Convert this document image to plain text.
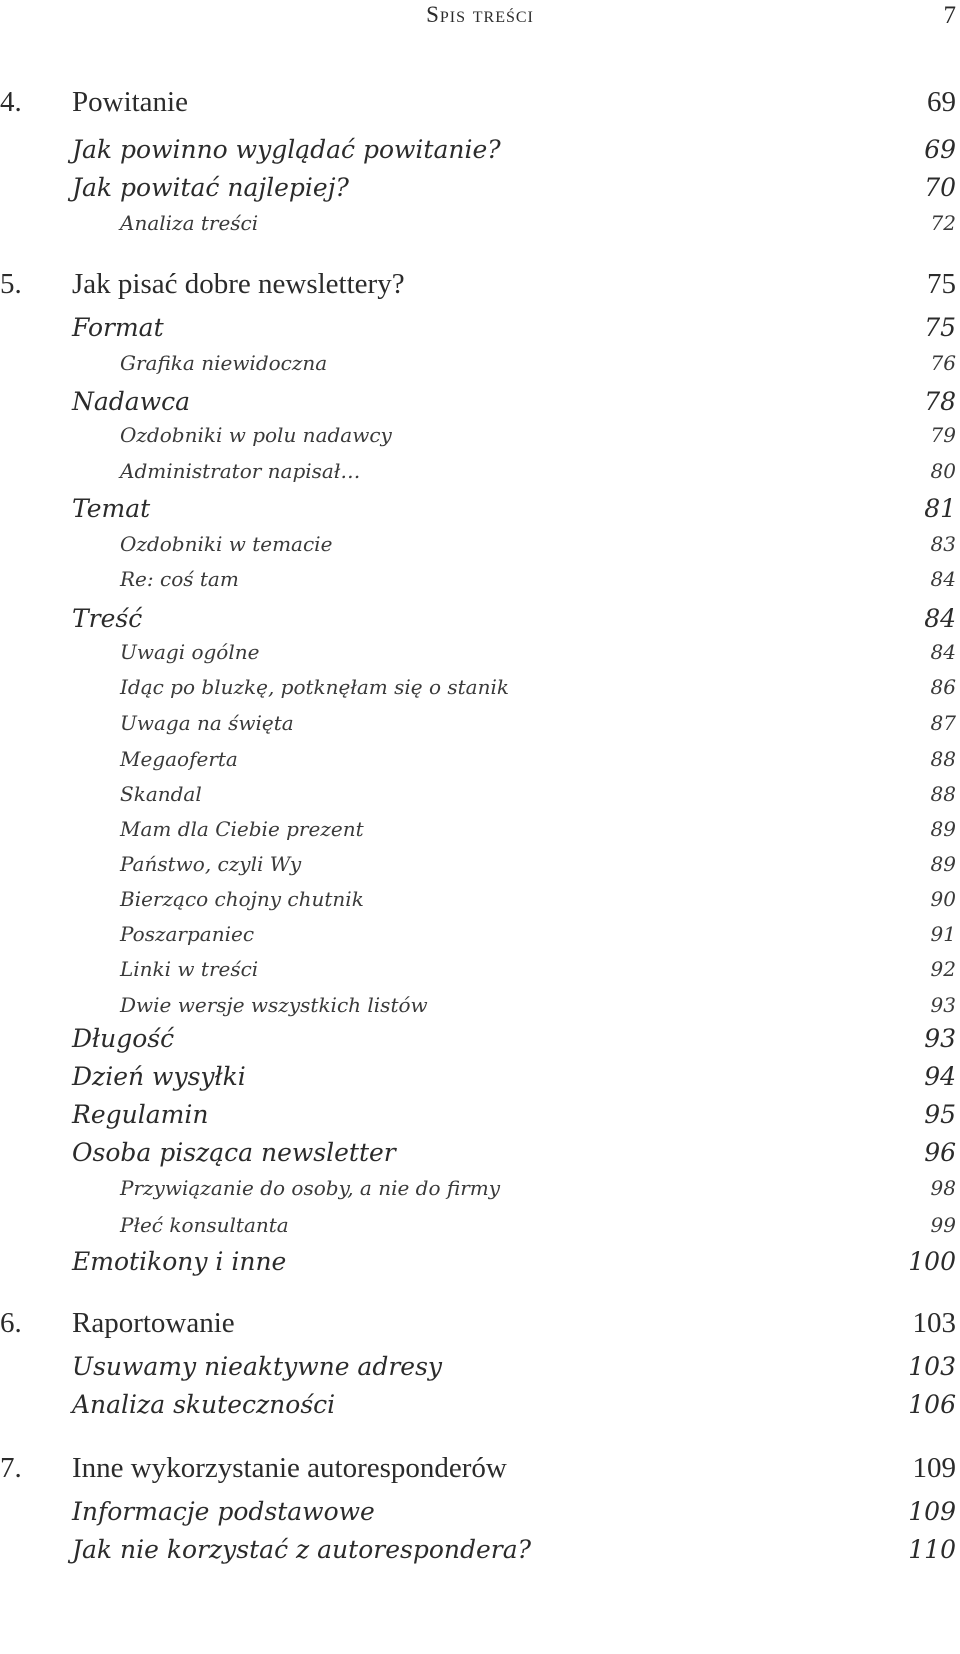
Spis treści	7
4. Powitanie	69
Jak powinno wyglądać powitanie?	69
Jak powitać najlepiej?	70
Analiza treści	72
5. Jak pisać dobre newslettery?	75
Format	75
Grafika niewidoczna	76
Nadawca	78
Ozdobniki w polu nadawcy	79
Administrator napisał…	80
Temat	81
Ozdobniki w temacie	83
Re: coś tam	84
Treść	84
Uwagi ogólne	84
Idąc po bluzkę, potknęłam się o stanik	86
Uwaga na święta	87
Megaoferta	88
Skandal	88
Mam dla Ciebie prezent	89
Państwo, czyli Wy	89
Bierząco chojny chutnik	90
Poszarpaniec	91
Linki w treści	92
Dwie wersje wszystkich listów	93
Długość	93
Dzień wysyłki	94
Regulamin	95
Osoba pisząca newsletter	96
Przywiązanie do osoby, a nie do firmy	98
Płeć konsultanta	99
Emotikony i inne	100
6. Raportowanie	103
Usuwamy nieaktywne adresy	103
Analiza skuteczności	106
7. Inne wykorzystanie autoresponderów	109
Informacje podstawowe	109
Jak nie korzystać z autorespondera?	110
